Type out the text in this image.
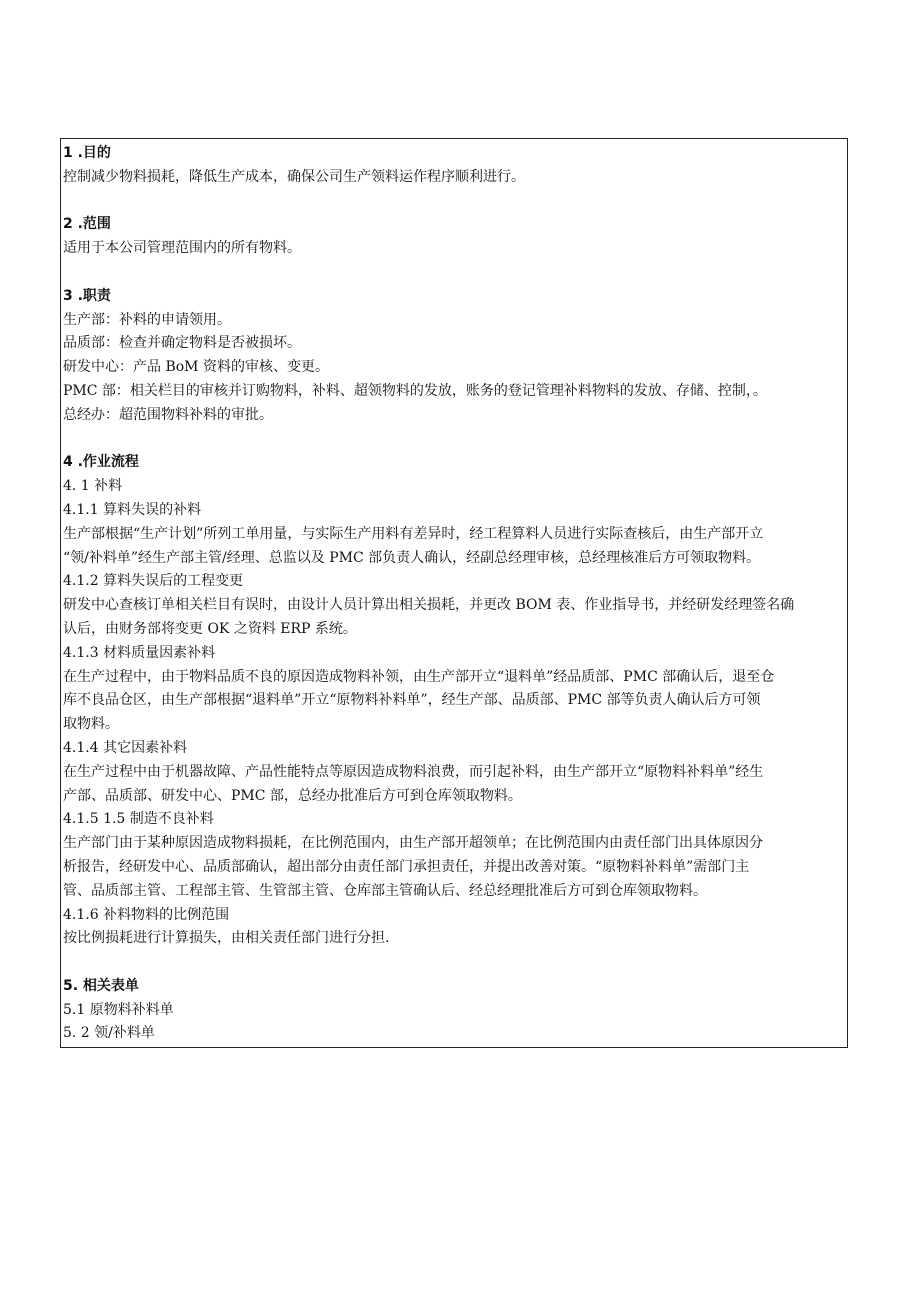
1 .目的
控制减少物料损耗，降低生产成本，确保公司生产领料运作程序顺利进行。
2 .范围
适用于本公司管理范围内的所有物料。
3 .职责
生产部：补料的申请领用。
品质部：检查并确定物料是否被损坏。
研发中心：产品 BoM 资料的审核、变更。
PMC 部：相关栏目的审核并订购物料，补料、超领物料的发放，账务的登记管理补料物料的发放、存储、控制，。
总经办：超范围物料补料的审批。
4 .作业流程
4. 1 补料
4.1.1 算料失误的补料
生产部根据“生产计划”所列工单用量，与实际生产用料有差异时，经工程算料人员进行实际查核后，由生产部开立
“领/补料单”经生产部主管/经理、总监以及 PMC 部负责人确认，经副总经理审核，总经理核准后方可领取物料。
4.1.2 算料失误后的工程变更
研发中心查核订单相关栏目有误时，由设计人员计算出相关损耗，并更改 BOM 表、作业指导书，并经研发经理签名确
认后，由财务部将变更 OK 之资料 ERP 系统。
4.1.3 材料质量因素补料
在生产过程中，由于物料品质不良的原因造成物料补领，由生产部开立“退料单”经品质部、PMC 部确认后，退至仓
库不良品仓区，由生产部根据“退料单”开立“原物料补料单”，经生产部、品质部、PMC 部等负责人确认后方可领
取物料。
4.1.4 其它因素补料
在生产过程中由于机器故障、产品性能特点等原因造成物料浪费，而引起补料，由生产部开立“原物料补料单”经生
产部、品质部、研发中心、PMC 部，总经办批准后方可到仓库领取物料。
4.1.5 1.5 制造不良补料
生产部门由于某种原因造成物料损耗，在比例范围内，由生产部开超领单；在比例范围内由责任部门出具体原因分
析报告，经研发中心、品质部确认，超出部分由责任部门承担责任，并提出改善对策。“原物料补料单”需部门主
管、品质部主管、工程部主管、生管部主管、仓库部主管确认后、经总经理批准后方可到仓库领取物料。
4.1.6 补料物料的比例范围
按比例损耗进行计算损失，由相关责任部门进行分担.
5. 相关表单
5.1 原物料补料单
5. 2 领/补料单
